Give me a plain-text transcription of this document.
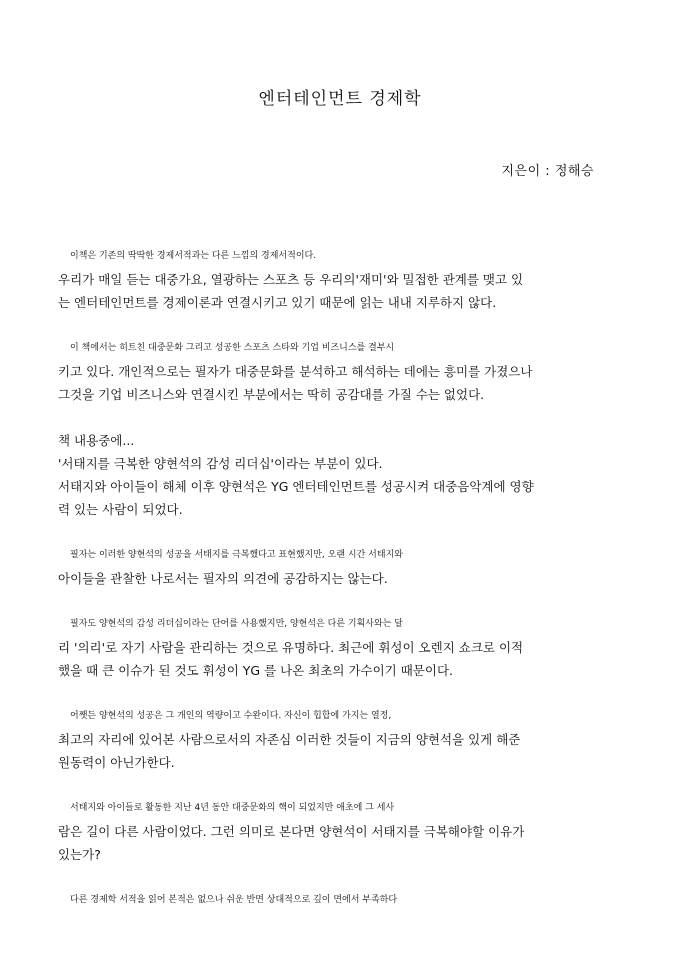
엔터테인먼트 경제학
지은이 : 정해승
이책은 기존의 딱딱한 경제서적과는 다른 느낌의 경제서적이다.
우리가 매일 듣는 대중가요, 열광하는 스포츠 등 우리의'재미'와 밀접한 관계를 맺고 있
는 엔터테인먼트를 경제이론과 연결시키고 있기 때문에 읽는 내내 지루하지 않다.
이 책에서는 히트친 대중문화 그리고 성공한 스포츠 스타와 기업 비즈니스를 결부시
키고 있다. 개인적으로는 필자가 대중문화를 분석하고 해석하는 데에는 흥미를 가졌으나
그것을 기업 비즈니스와 연결시킨 부분에서는 딱히 공감대를 가질 수는 없었다.
책 내용중에...
'서태지를 극복한 양현석의 감성 리더십'이라는 부분이 있다.
서태지와 아이들이 해체 이후 양현석은 YG 엔터테인먼트를 성공시켜 대중음악계에 영향
력 있는 사람이 되었다.
필자는 이러한 양현석의 성공을 서태지를 극복했다고 표현했지만, 오랜 시간 서태지와
아이들을 관찰한 나로서는 필자의 의견에 공감하지는 않는다.
필자도 양현석의 감성 리더십이라는 단어를 사용했지만, 양현석은 다른 기획사와는 달
리 '의리'로 자기 사람을 관리하는 것으로 유명하다. 최근에 휘성이 오렌지 쇼크로 이적
했을 때 큰 이슈가 된 것도 휘성이 YG 를 나온 최초의 가수이기 때문이다.
어쨋든 양현석의 성공은 그 개인의 역량이고 수완이다. 자신이 힙합에 가지는 열정,
최고의 자리에 있어본 사람으로서의 자존심 이러한 것들이 지금의 양현석을 있게 해준
원동력이 아닌가한다.
서태지와 아이들로 활동한 지난 4년 동안 대중문화의 핵이 되었지만 애초에 그 세사
람은 길이 다른 사람이었다. 그런 의미로 본다면 양현석이 서태지를 극복해야할 이유가
있는가?
다른 경제학 서적을 읽어 본적은 없으나 쉬운 반면 상대적으로 깊이 면에서 부족하다
